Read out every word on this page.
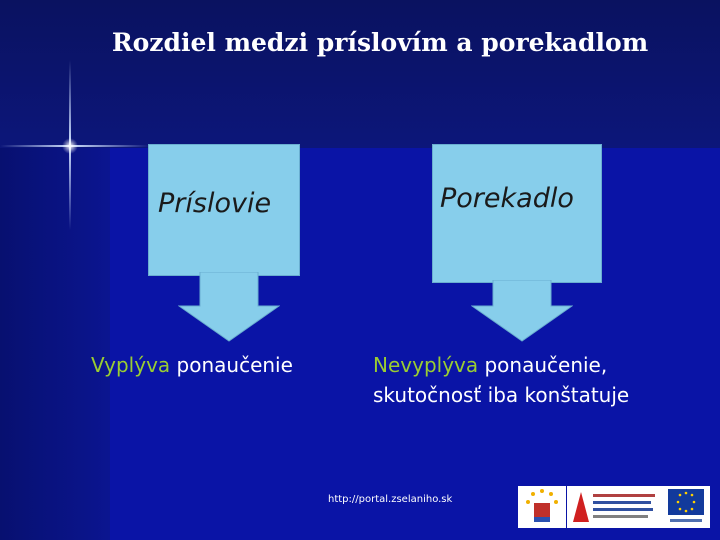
Rozdiel medzi príslovím a porekadlom
Príslovie	Porekadlo
Vyplýva ponaučenie	Nevyplýva ponaučenie,
skutočnosť iba konštatuje
http://portal.zselaniho.sk
